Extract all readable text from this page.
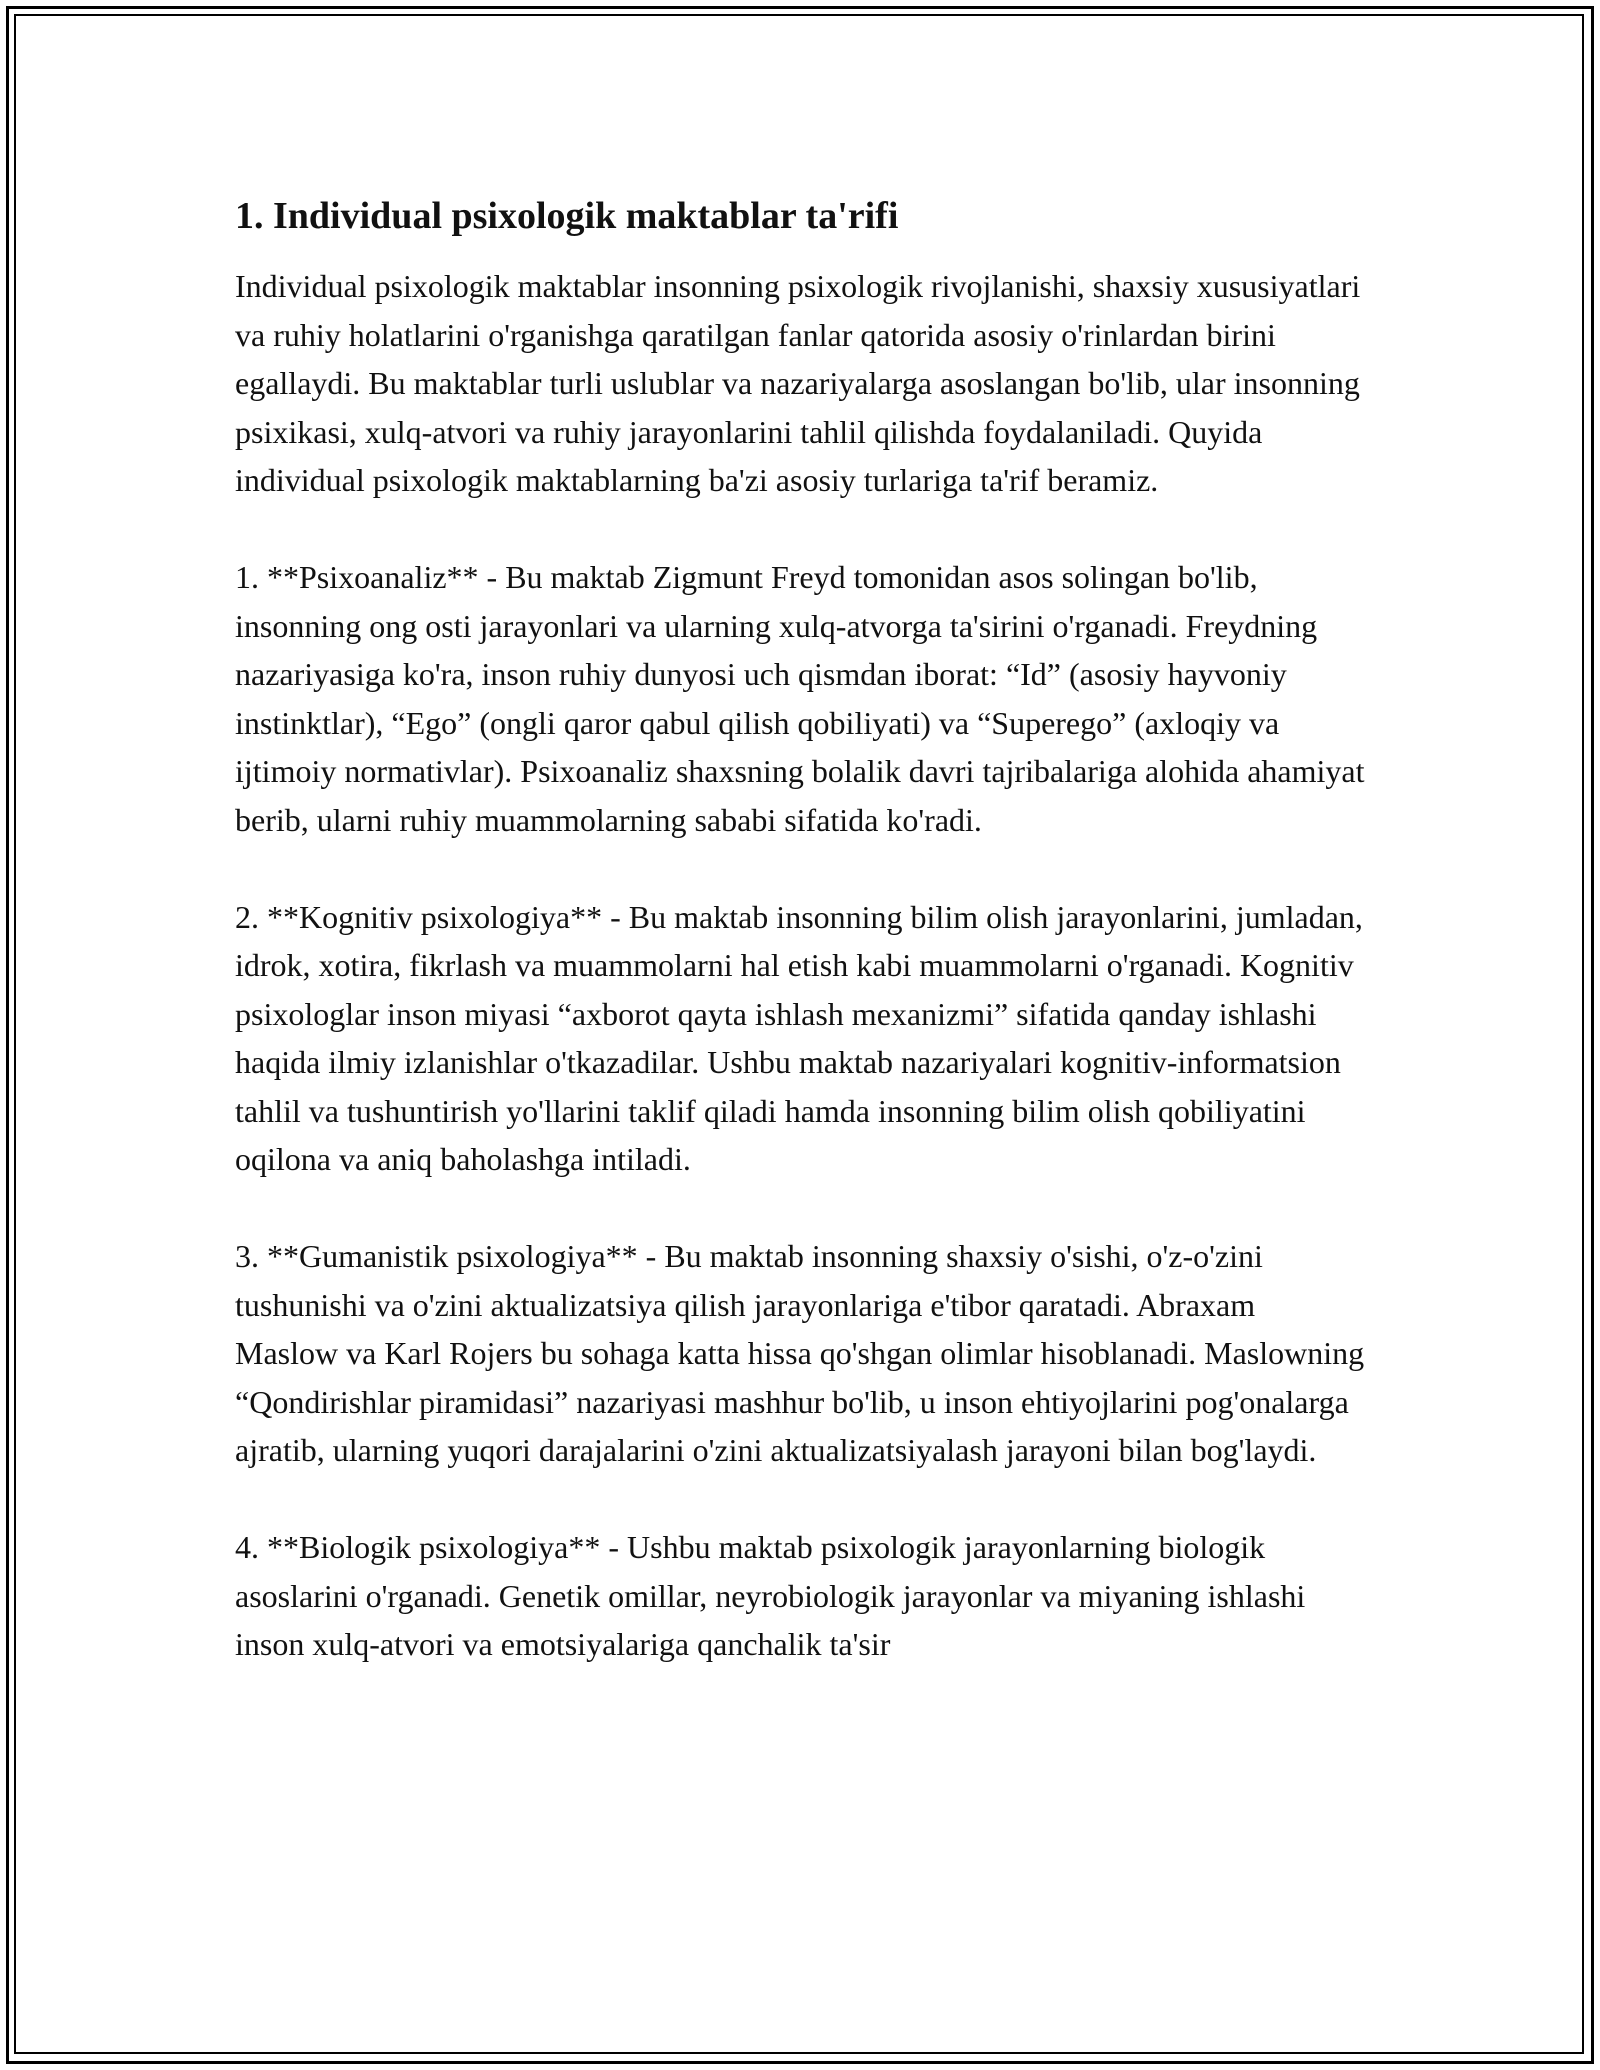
1. Individual psixologik maktablar ta'rifi

Individual psixologik maktablar insonning psixologik rivojlanishi, shaxsiy xususiyatlari va ruhiy holatlarini o'rganishga qaratilgan fanlar qatorida asosiy o'rinlardan birini egallaydi. Bu maktablar turli uslublar va nazariyalarga asoslangan bo'lib, ular insonning psixikasi, xulq-atvori va ruhiy jarayonlarini tahlil qilishda foydalaniladi. Quyida individual psixologik maktablarning ba'zi asosiy turlariga ta'rif beramiz.

1. **Psixoanaliz** - Bu maktab Zigmunt Freyd tomonidan asos solingan bo'lib, insonning ong osti jarayonlari va ularning xulq-atvorga ta'sirini o'rganadi. Freydning nazariyasiga ko'ra, inson ruhiy dunyosi uch qismdan iborat: “Id” (asosiy hayvoniy instinktlar), “Ego” (ongli qaror qabul qilish qobiliyati) va “Superego” (axloqiy va ijtimoiy normativlar). Psixoanaliz shaxsning bolalik davri tajribalariga alohida ahamiyat berib, ularni ruhiy muammolarning sababi sifatida ko'radi.

2. **Kognitiv psixologiya** - Bu maktab insonning bilim olish jarayonlarini, jumladan, idrok, xotira, fikrlash va muammolarni hal etish kabi muammolarni o'rganadi. Kognitiv psixologlar inson miyasi “axborot qayta ishlash mexanizmi” sifatida qanday ishlashi haqida ilmiy izlanishlar o'tkazadilar. Ushbu maktab nazariyalari kognitiv-informatsion tahlil va tushuntirish yo'llarini taklif qiladi hamda insonning bilim olish qobiliyatini oqilona va aniq baholashga intiladi.

3. **Gumanistik psixologiya** - Bu maktab insonning shaxsiy o'sishi, o'z-o'zini tushunishi va o'zini aktualizatsiya qilish jarayonlariga e'tibor qaratadi. Abraxam Maslow va Karl Rojers bu sohaga katta hissa qo'shgan olimlar hisoblanadi. Maslowning “Qondirishlar piramidasi” nazariyasi mashhur bo'lib, u inson ehtiyojlarini pog'onalarga ajratib, ularning yuqori darajalarini o'zini aktualizatsiyalash jarayoni bilan bog'laydi.

4. **Biologik psixologiya** - Ushbu maktab psixologik jarayonlarning biologik asoslarini o'rganadi. Genetik omillar, neyrobiologik jarayonlar va miyaning ishlashi inson xulq-atvori va emotsiyalariga qanchalik ta'sir
